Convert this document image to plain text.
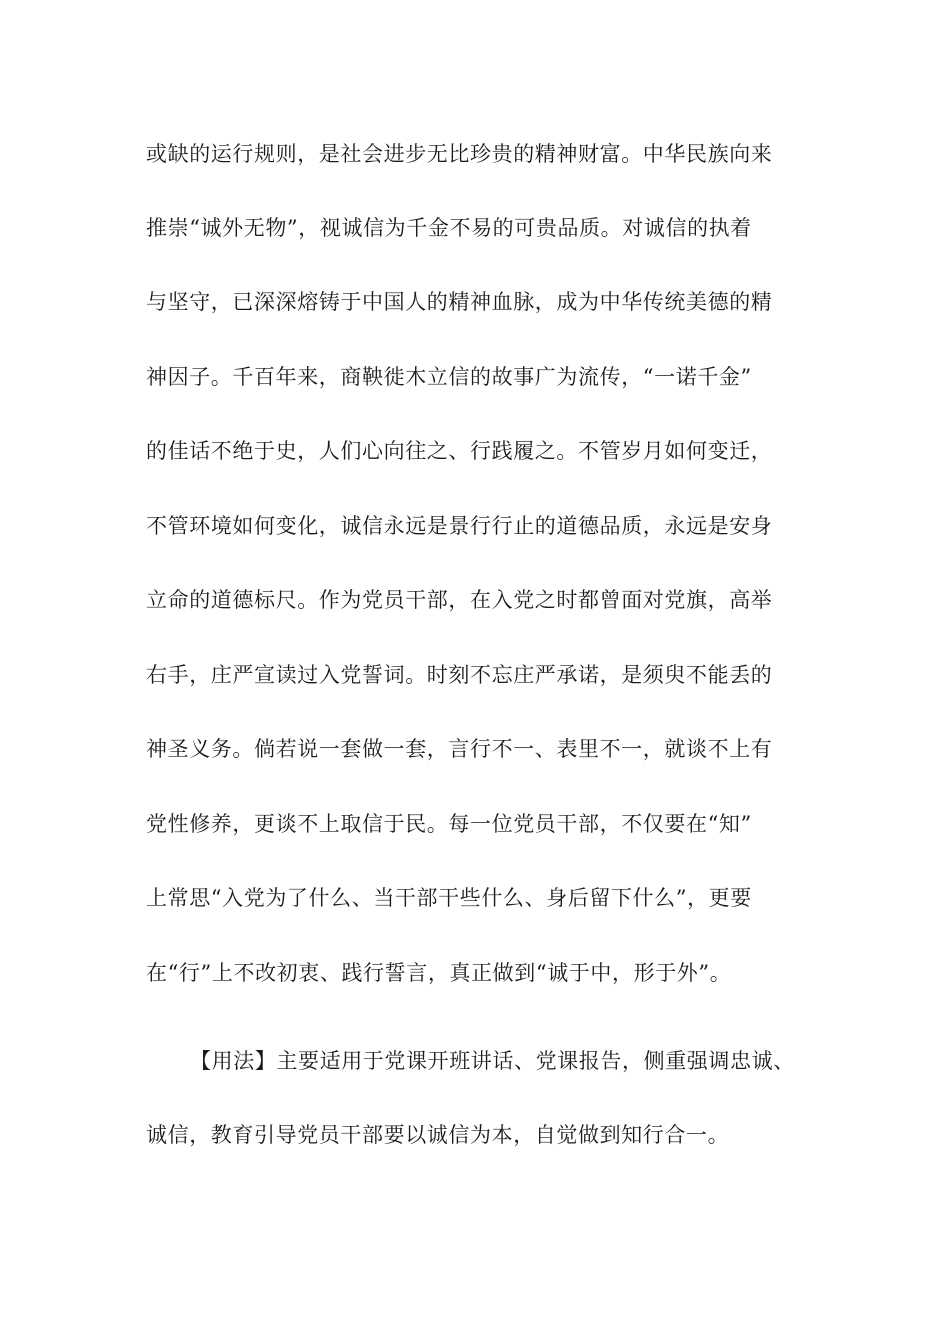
或缺的运行规则，是社会进步无比珍贵的精神财富。中华民族向来
推崇“诚外无物”，视诚信为千金不易的可贵品质。对诚信的执着
与坚守，已深深熔铸于中国人的精神血脉，成为中华传统美德的精
神因子。千百年来，商鞅徙木立信的故事广为流传，“一诺千金”
的佳话不绝于史，人们心向往之、行践履之。不管岁月如何变迁，
不管环境如何变化，诚信永远是景行行止的道德品质，永远是安身
立命的道德标尺。作为党员干部，在入党之时都曾面对党旗，高举
右手，庄严宣读过入党誓词。时刻不忘庄严承诺，是须臾不能丢的
神圣义务。倘若说一套做一套，言行不一、表里不一，就谈不上有
党性修养，更谈不上取信于民。每一位党员干部，不仅要在“知”
上常思“入党为了什么、当干部干些什么、身后留下什么”，更要
在“行”上不改初衷、践行誓言，真正做到“诚于中，形于外”。
【用法】主要适用于党课开班讲话、党课报告，侧重强调忠诚、
诚信，教育引导党员干部要以诚信为本，自觉做到知行合一。
